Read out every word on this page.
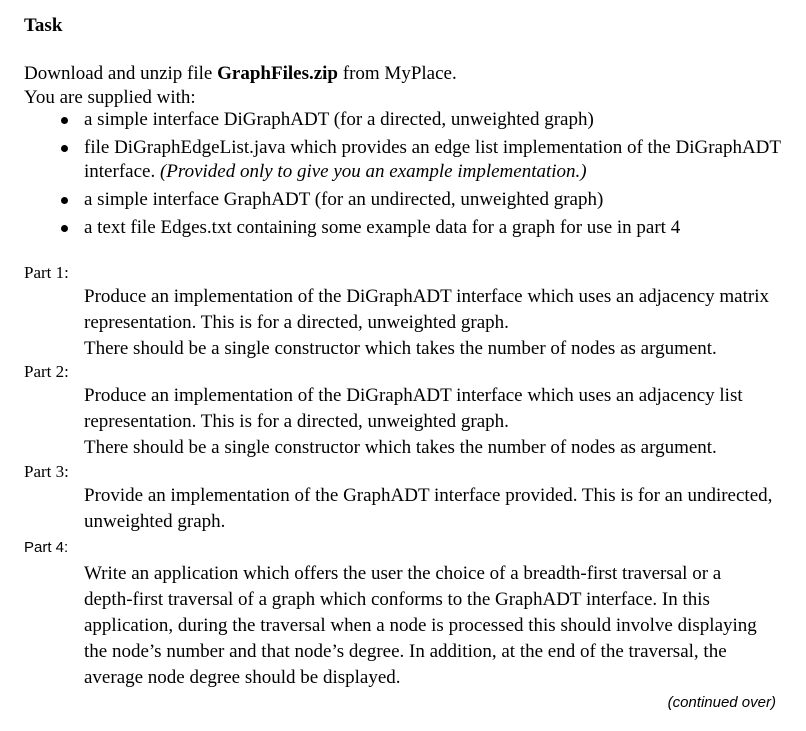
Task

Download and unzip file GraphFiles.zip from MyPlace.

You are supplied with:

a simple interface DiGraphADT (for a directed, unweighted graph)
file DiGraphEdgeList.java which provides an edge list implementation of the DiGraphADT interface. (Provided only to give you an example implementation.)
a simple interface GraphADT (for an undirected, unweighted graph)
a text file Edges.txt containing some example data for a graph for use in part 4
Part 1:

Produce an implementation of the DiGraphADT interface which uses an adjacency matrix representation. This is for a directed, unweighted graph.

There should be a single constructor which takes the number of nodes as argument.

Part 2:

Produce an implementation of the DiGraphADT interface which uses an adjacency list representation. This is for a directed, unweighted graph.

There should be a single constructor which takes the number of nodes as argument.

Part 3:

Provide an implementation of the GraphADT interface provided. This is for an undirected, unweighted graph.

Part 4:

Write an application which offers the user the choice of a breadth-first traversal or a depth-first traversal of a graph which conforms to the GraphADT interface. In this application, during the traversal when a node is processed this should involve displaying the node’s number and that node’s degree. In addition, at the end of the traversal, the average node degree should be displayed.

(continued over)
